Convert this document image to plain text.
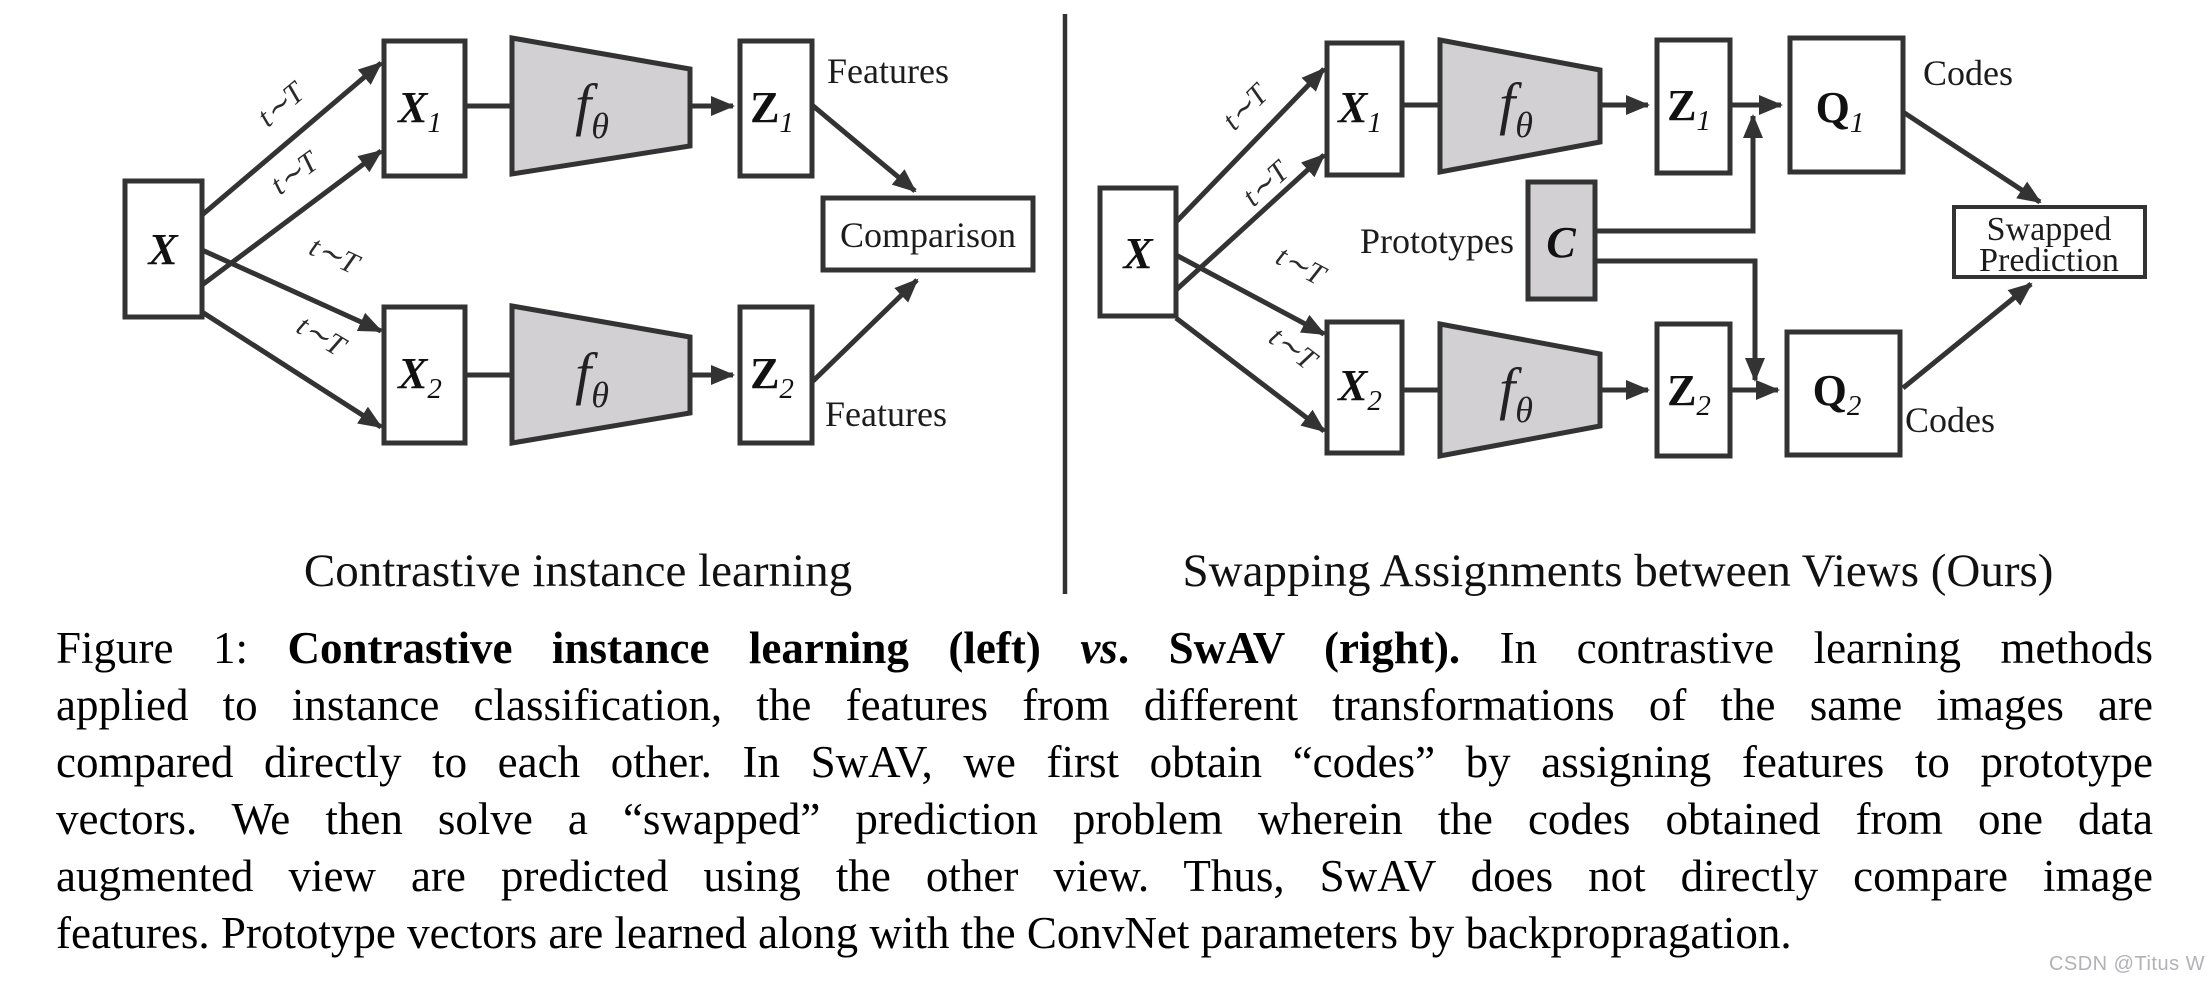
t∼T
t∼T
t∼T
t∼T
X
$X_1$ $f_\theta$	$Z_1$
Features
$X_2$ $f_\theta$	$Z_2$
Features
Comparison
Contrastive instance learning
t∼T
t∼T
t∼T
t∼T
X
$X_1$ $f_\theta$	$Z_1$ $Q_1$
Codes
Prototypes C
$X_2$ $f_\theta$	$Z_2$ $Q_2$ Codes
Swapped
Prediction
Swapping Assignments between Views (Ours)
Figure 1: Contrastive instance learning (left) vs. SwAV (right). In contrastive learning methods
applied to instance classification, the features from different transformations of the same images are
compared directly to each other. In SwAV, we first obtain “codes” by assigning features to prototype
vectors. We then solve a “swapped” prediction problem wherein the codes obtained from one data
augmented view are predicted using the other view. Thus, SwAV does not directly compare image
features. Prototype vectors are learned along with the ConvNet parameters by backpropragation.
CSDN @Titus W
